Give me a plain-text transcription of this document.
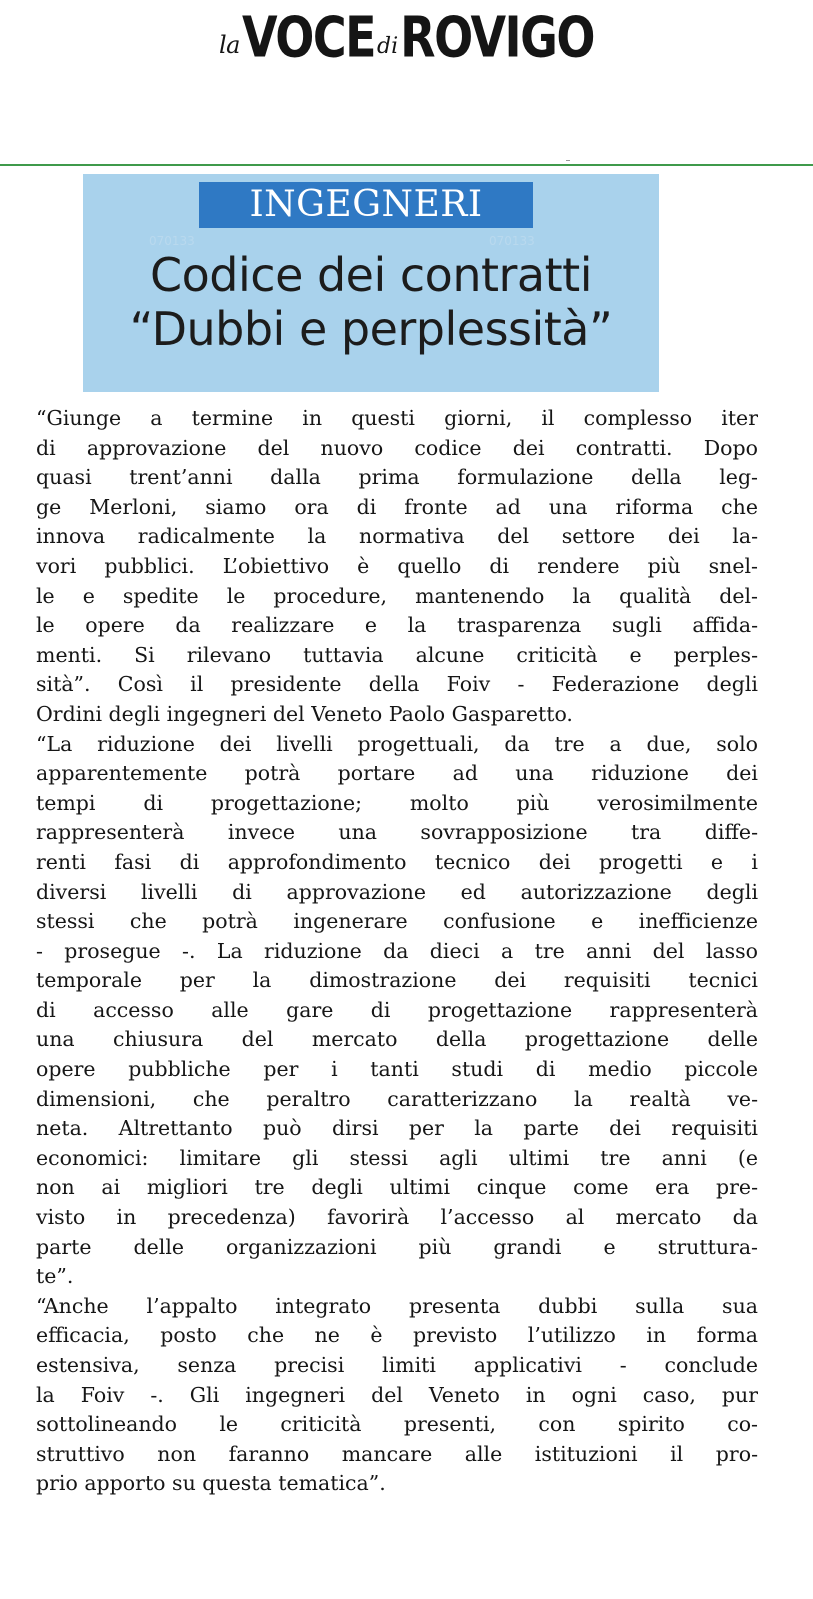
la VOCE di ROVIGO
INGEGNERI
070133	070133
Codice dei contratti
“Dubbi e perplessità”
“Giunge a termine in questi giorni, il complesso iter
di approvazione del nuovo codice dei contratti. Dopo
quasi trent’anni dalla prima formulazione della leg-
ge Merloni, siamo ora di fronte ad una riforma che
innova radicalmente la normativa del settore dei la-
vori pubblici. L’obiettivo è quello di rendere più snel-
le e spedite le procedure, mantenendo la qualità del-
le opere da realizzare e la trasparenza sugli affida-
menti. Si rilevano tuttavia alcune criticità e perples-
sità”. Così il presidente della Foiv - Federazione degli
Ordini degli ingegneri del Veneto Paolo Gasparetto.
“La riduzione dei livelli progettuali, da tre a due, solo
apparentemente potrà portare ad una riduzione dei
tempi di progettazione; molto più verosimilmente
rappresenterà invece una sovrapposizione tra diffe-
renti fasi di approfondimento tecnico dei progetti e i
diversi livelli di approvazione ed autorizzazione degli
stessi che potrà ingenerare confusione e inefficienze
- prosegue -. La riduzione da dieci a tre anni del lasso
temporale per la dimostrazione dei requisiti tecnici
di accesso alle gare di progettazione rappresenterà
una chiusura del mercato della progettazione delle
opere pubbliche per i tanti studi di medio piccole
dimensioni, che peraltro caratterizzano la realtà ve-
neta. Altrettanto può dirsi per la parte dei requisiti
economici: limitare gli stessi agli ultimi tre anni (e
non ai migliori tre degli ultimi cinque come era pre-
visto in precedenza) favorirà l’accesso al mercato da
parte delle organizzazioni più grandi e struttura-
te”.
“Anche l’appalto integrato presenta dubbi sulla sua
efficacia, posto che ne è previsto l’utilizzo in forma
estensiva, senza precisi limiti applicativi - conclude
la Foiv -. Gli ingegneri del Veneto in ogni caso, pur
sottolineando le criticità presenti, con spirito co-
struttivo non faranno mancare alle istituzioni il pro-
prio apporto su questa tematica”.
